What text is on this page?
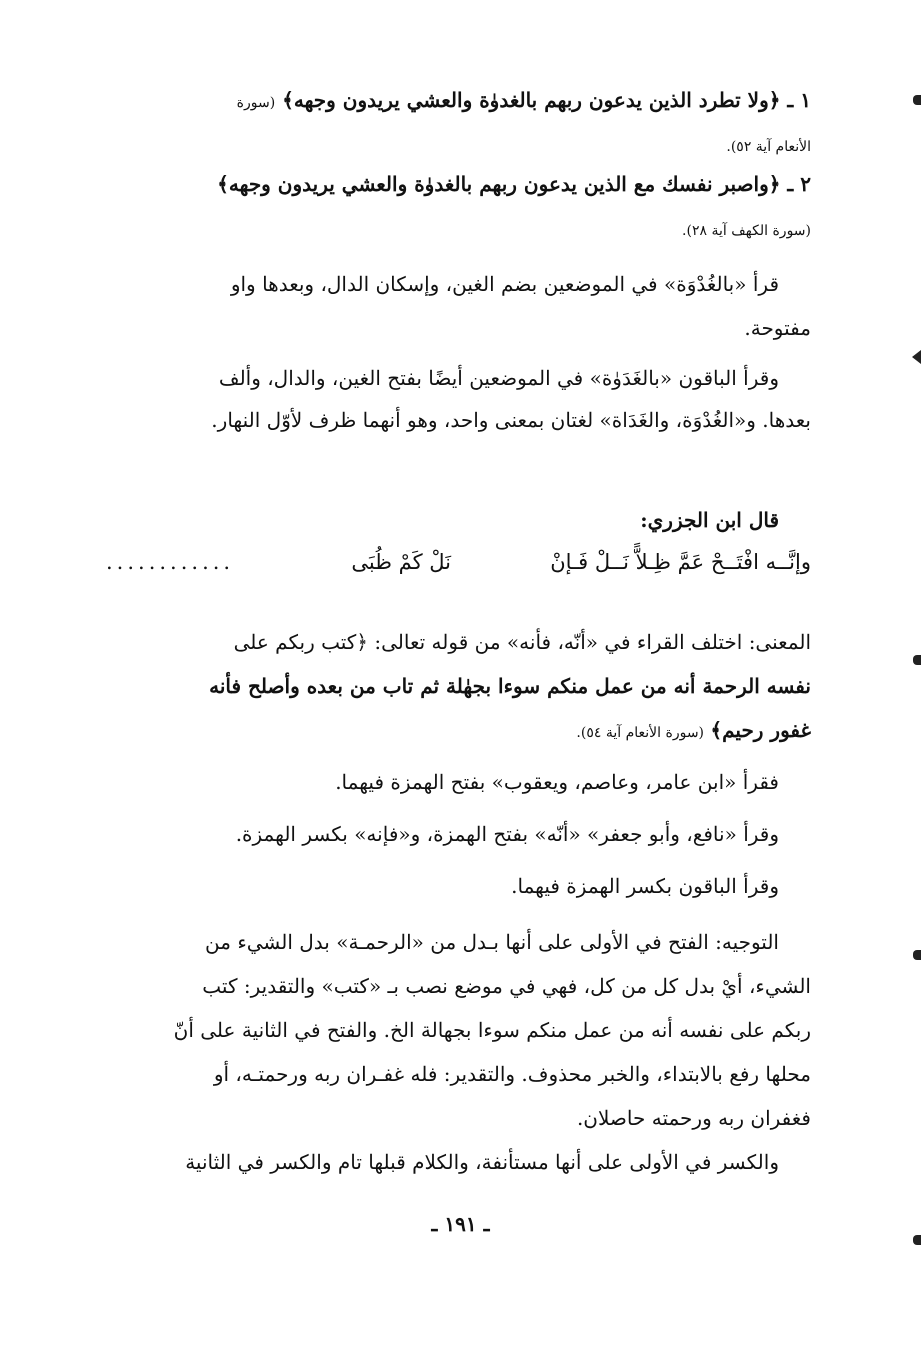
١ ـ ﴿ولا تطرد الذين يدعون ربهم بالغدوٰة والعشي يريدون وجهه﴾ (سورة
الأنعام آية ٥٢).
٢ ـ ﴿واصبر نفسك مع الذين يدعون ربهم بالغدوٰة والعشي يريدون وجهه﴾
(سورة الكهف آية ٢٨).
قرأ «بالغُدْوَة» في الموضعين بضم الغين، وإسكان الدال، وبعدها واو
مفتوحة.
وقرأ الباقون «بالغَدَوٰة» في الموضعين أيضًا بفتح الغين، والدال، وألف
بعدها. و«الغُدْوَة، والغَدَاة» لغتان بمعنى واحد، وهو أنهما ظرف لأوّل النهار.
قال ابن الجزري:
وإنَّــه افْتَــحْ عَمَّ ظِـلاًّ نَــلْ فَـإنْ
نَلْ كَمْ ظُبَى
............
المعنى: اختلف القراء في «أنّه، فأنه» من قوله تعالى: ﴿كتب ربكم على
نفسه الرحمة أنه من عمل منكم سوءا بجهٰلة ثم تاب من بعده وأصلح فأنه
غفور رحيم﴾ (سورة الأنعام آية ٥٤).
فقرأ «ابن عامر، وعاصم، ويعقوب» بفتح الهمزة فيهما.
وقرأ «نافع، وأبو جعفر» «أنّه» بفتح الهمزة، و«فإنه» بكسر الهمزة.
وقرأ الباقون بكسر الهمزة فيهما.
التوجيه: الفتح في الأولى على أنها بـدل من «الرحمـة» بدل الشيء من
الشيء، أيْ بدل كل من كل، فهي في موضع نصب بـ «كتب» والتقدير: كتب
ربكم على نفسه أنه من عمل منكم سوءا بجهالة الخ. والفتح في الثانية على أنّ
محلها رفع بالابتداء، والخبر محذوف. والتقدير: فله غفـران ربه ورحمتـه، أو
فغفران ربه ورحمته حاصلان.
والكسر في الأولى على أنها مستأنفة، والكلام قبلها تام والكسر في الثانية
ـ ١٩١ ـ
